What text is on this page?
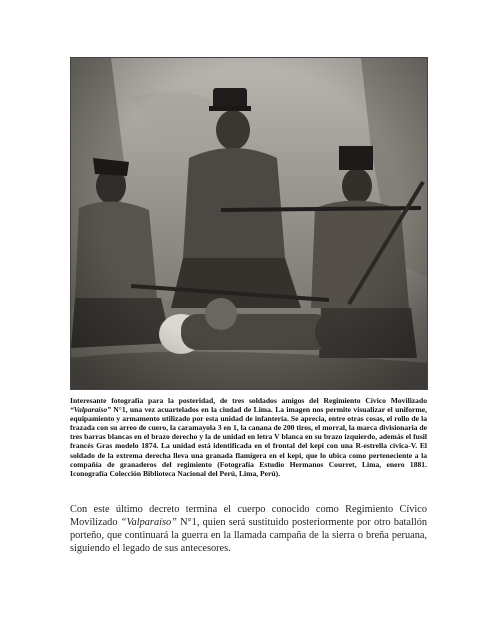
Interesante fotografía para la posteridad, de tres soldados amigos del Regimiento Cívico Movilizado “Valparaíso” N°1, una vez acuartelados en la ciudad de Lima. La imagen nos permite visualizar el uniforme, equipamiento y armamento utilizado por esta unidad de infantería. Se aprecia, entre otras cosas, el rollo de la frazada con su arreo de cuero, la caramayola 3 en 1, la canana de 200 tiros, el morral, la marca divisionaria de tres barras blancas en el brazo derecho y la de unidad en letra V blanca en su brazo izquierdo, además el fusil francés Gras modelo 1874. La unidad está identificada en el frontal del kepi con una R-estrella cívica-V. El soldado de la extrema derecha lleva una granada flamígera en el kepi, que lo ubica como perteneciente a la compañía de granaderos del regimiento (Fotografía Estudio Hermanos Courret, Lima, enero 1881. Iconografía Colección Biblioteca Nacional del Perú, Lima, Perú).

Con este último decreto termina el cuerpo conocido como Regimiento Cívico Movilizado “Valparaíso” N°1, quien será sustituido posteriormente por otro batallón porteño, que continuará la guerra en la llamada campaña de la sierra o breña peruana, siguiendo el legado de sus antecesores.
